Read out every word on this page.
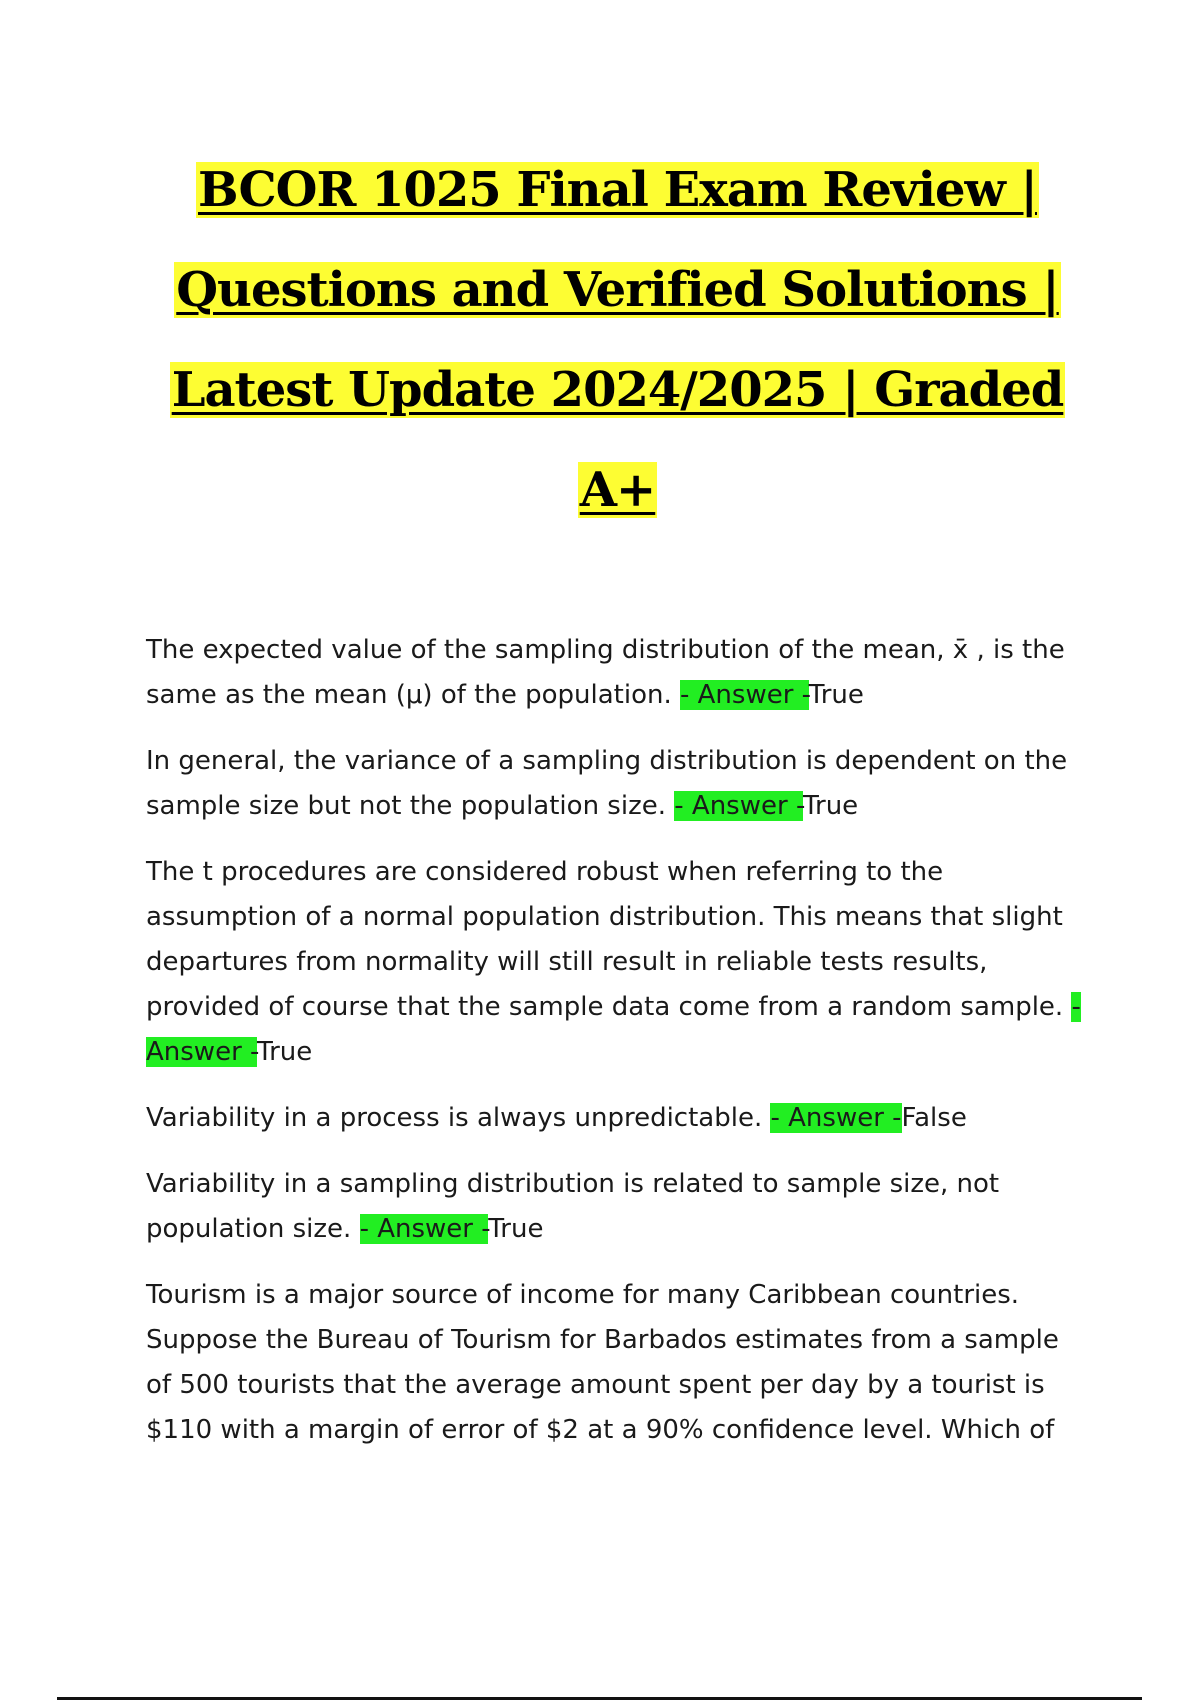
BCOR 1025 Final Exam Review |
Questions and Verified Solutions |
Latest Update 2024/2025 | Graded
A+

The expected value of the sampling distribution of the mean, x̄ , is the same as the mean (μ) of the population. - Answer -True

In general, the variance of a sampling distribution is dependent on the sample size but not the population size. - Answer -True

The t procedures are considered robust when referring to the assumption of a normal population distribution. This means that slight departures from normality will still result in reliable tests results, provided of course that the sample data come from a random sample. - Answer -True

Variability in a process is always unpredictable. - Answer -False

Variability in a sampling distribution is related to sample size, not population size. - Answer -True

Tourism is a major source of income for many Caribbean countries. Suppose the Bureau of Tourism for Barbados estimates from a sample of 500 tourists that the average amount spent per day by a tourist is $110 with a margin of error of $2 at a 90% confidence level. Which of
